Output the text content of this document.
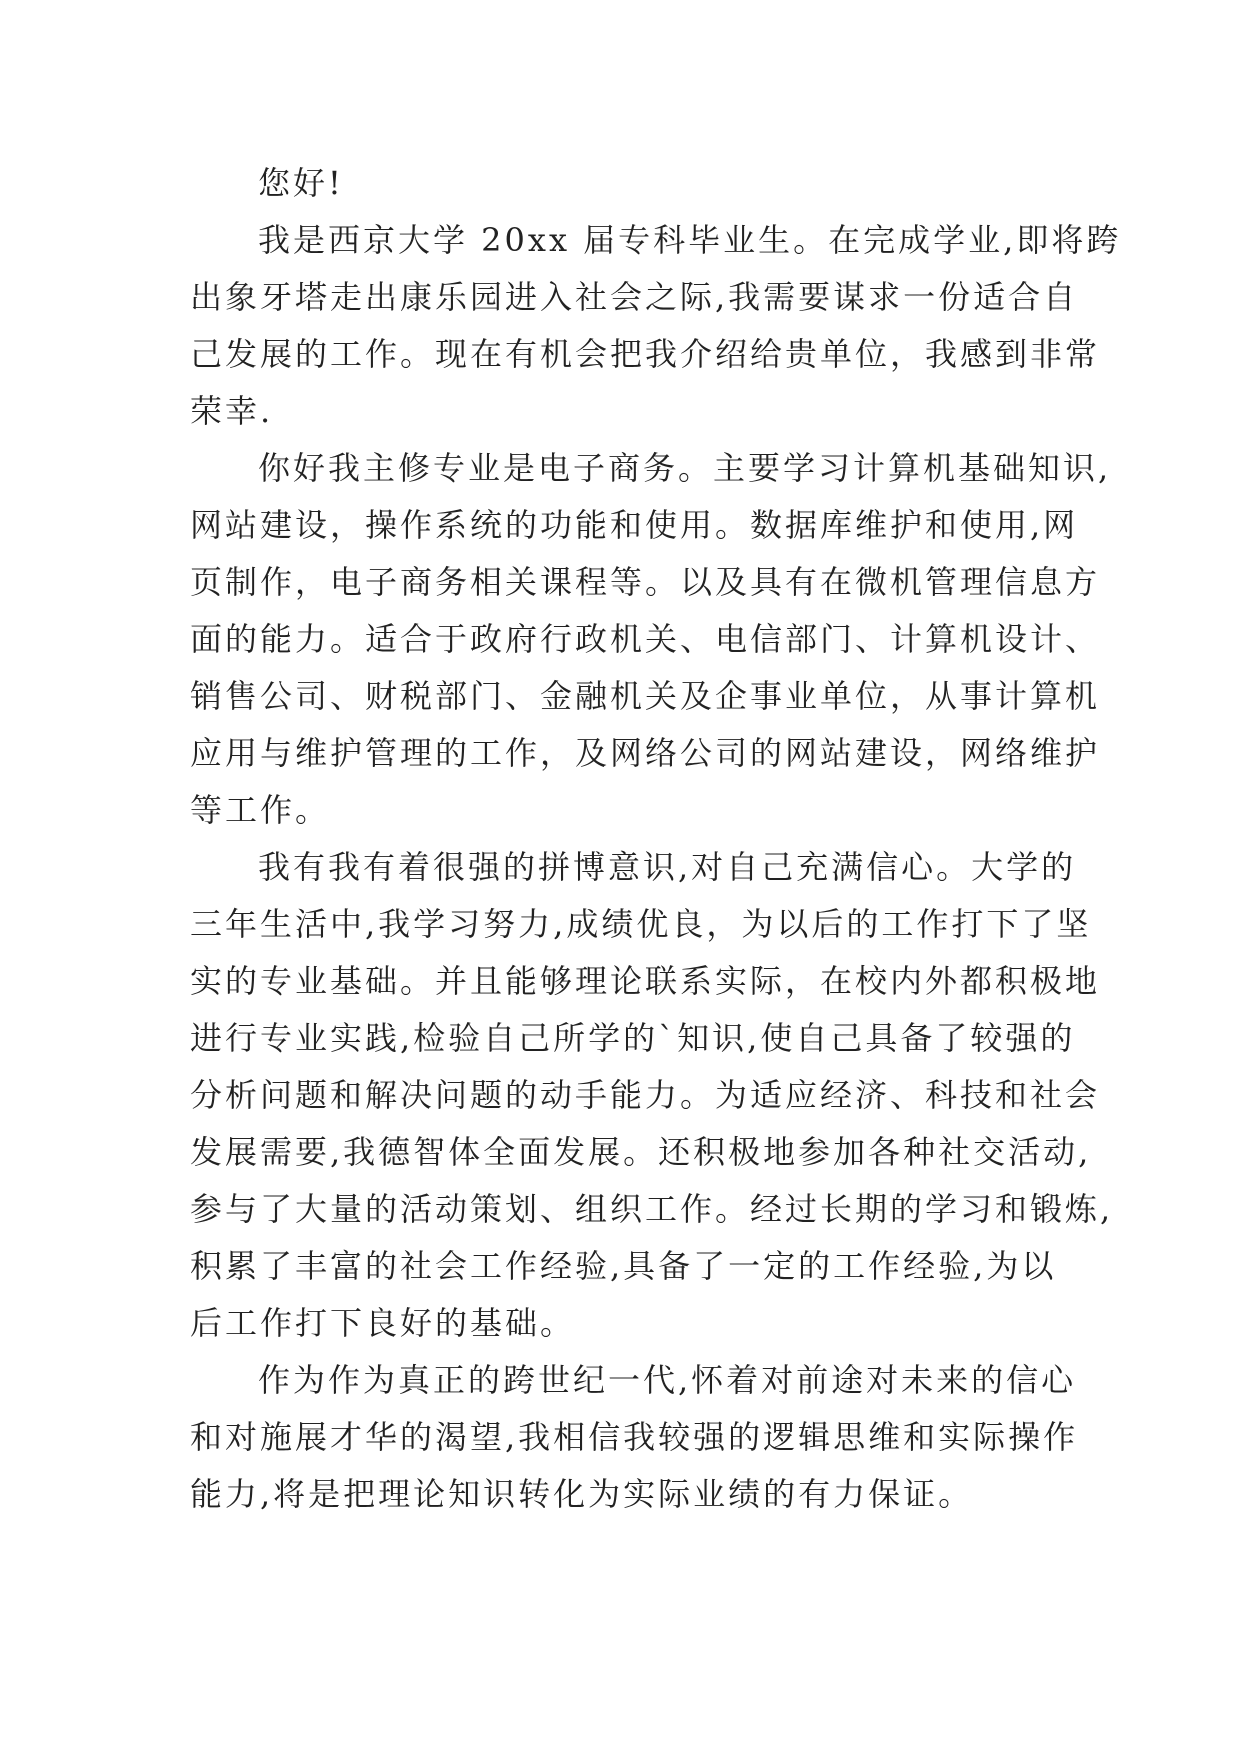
您好!
我是西京大学 20xx 届专科毕业生。在完成学业,即将跨
出象牙塔走出康乐园进入社会之际,我需要谋求一份适合自
己发展的工作。现在有机会把我介绍给贵单位，我感到非常
荣幸.
你好我主修专业是电子商务。主要学习计算机基础知识,
网站建设，操作系统的功能和使用。数据库维护和使用,网
页制作，电子商务相关课程等。以及具有在微机管理信息方
面的能力。适合于政府行政机关、电信部门、计算机设计、
销售公司、财税部门、金融机关及企事业单位，从事计算机
应用与维护管理的工作，及网络公司的网站建设，网络维护
等工作。
我有我有着很强的拼博意识,对自己充满信心。大学的
三年生活中,我学习努力,成绩优良，为以后的工作打下了坚
实的专业基础。并且能够理论联系实际，在校内外都积极地
进行专业实践,检验自己所学的`知识,使自己具备了较强的
分析问题和解决问题的动手能力。为适应经济、科技和社会
发展需要,我德智体全面发展。还积极地参加各种社交活动,
参与了大量的活动策划、组织工作。经过长期的学习和锻炼,
积累了丰富的社会工作经验,具备了一定的工作经验,为以
后工作打下良好的基础。
作为作为真正的跨世纪一代,怀着对前途对未来的信心
和对施展才华的渴望,我相信我较强的逻辑思维和实际操作
能力,将是把理论知识转化为实际业绩的有力保证。
